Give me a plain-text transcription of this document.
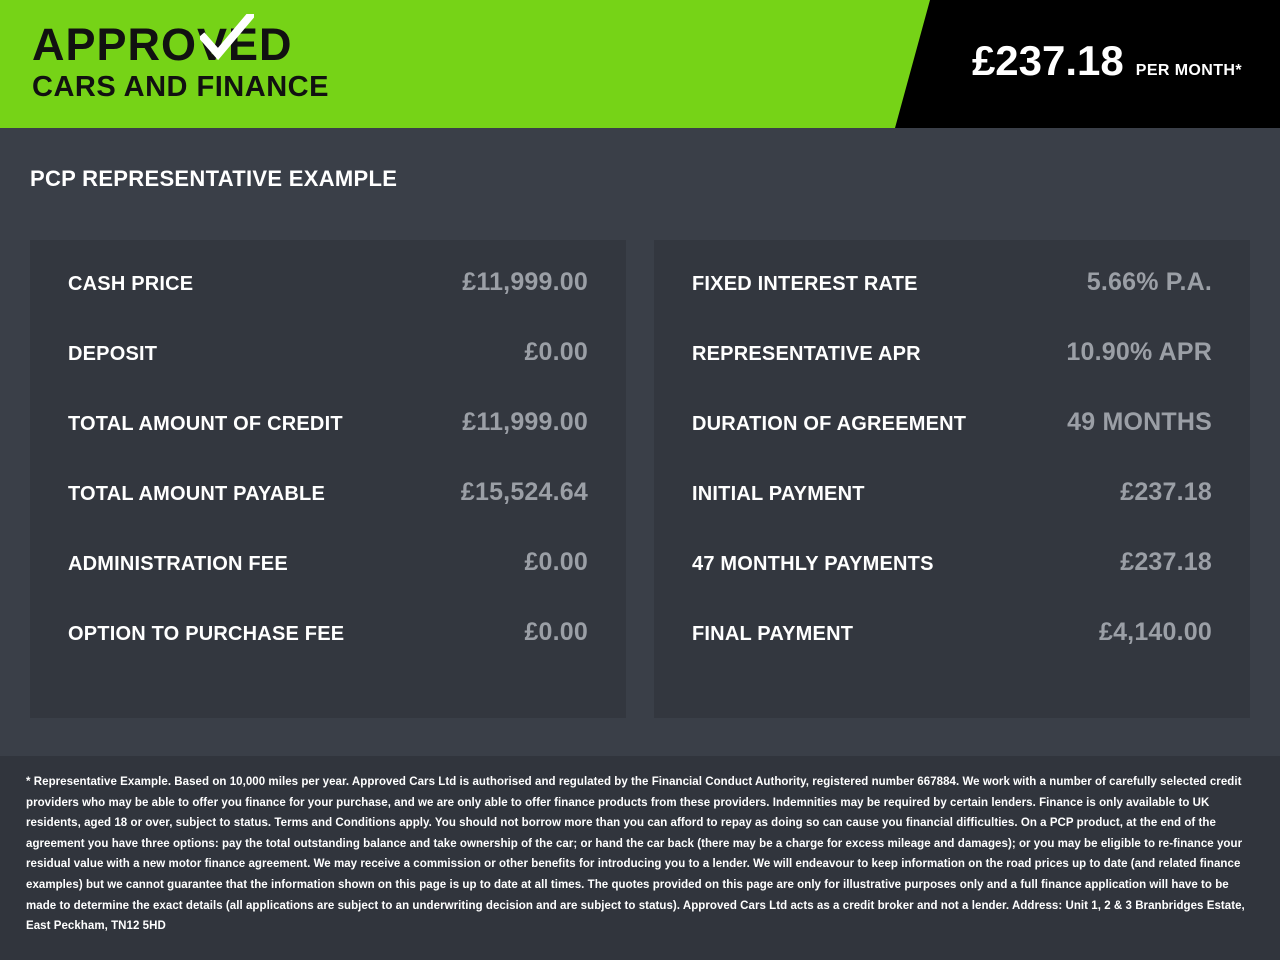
APPROVED
CARS AND FINANCE
£237.18 PER MONTH*
PCP REPRESENTATIVE EXAMPLE
CASH PRICE	£11,999.00
DEPOSIT	£0.00
TOTAL AMOUNT OF CREDIT	£11,999.00
TOTAL AMOUNT PAYABLE	£15,524.64
ADMINISTRATION FEE	£0.00
OPTION TO PURCHASE FEE	£0.00
FIXED INTEREST RATE	5.66% P.A.
REPRESENTATIVE APR	10.90% APR
DURATION OF AGREEMENT	49 MONTHS
INITIAL PAYMENT	£237.18
47 MONTHLY PAYMENTS	£237.18
FINAL PAYMENT	£4,140.00

* Representative Example. Based on 10,000 miles per year. Approved Cars Ltd is authorised and regulated by the Financial Conduct Authority, registered number 667884. We work with a number of carefully selected credit providers who may be able to offer you finance for your purchase, and we are only able to offer finance products from these providers. Indemnities may be required by certain lenders. Finance is only available to UK residents, aged 18 or over, subject to status. Terms and Conditions apply. You should not borrow more than you can afford to repay as doing so can cause you financial difficulties. On a PCP product, at the end of the agreement you have three options: pay the total outstanding balance and take ownership of the car; or hand the car back (there may be a charge for excess mileage and damages); or you may be eligible to re-finance your residual value with a new motor finance agreement. We may receive a commission or other benefits for introducing you to a lender. We will endeavour to keep information on the road prices up to date (and related finance examples) but we cannot guarantee that the information shown on this page is up to date at all times. The quotes provided on this page are only for illustrative purposes only and a full finance application will have to be made to determine the exact details (all applications are subject to an underwriting decision and are subject to status). Approved Cars Ltd acts as a credit broker and not a lender. Address: Unit 1, 2 & 3 Branbridges Estate, East Peckham, TN12 5HD
